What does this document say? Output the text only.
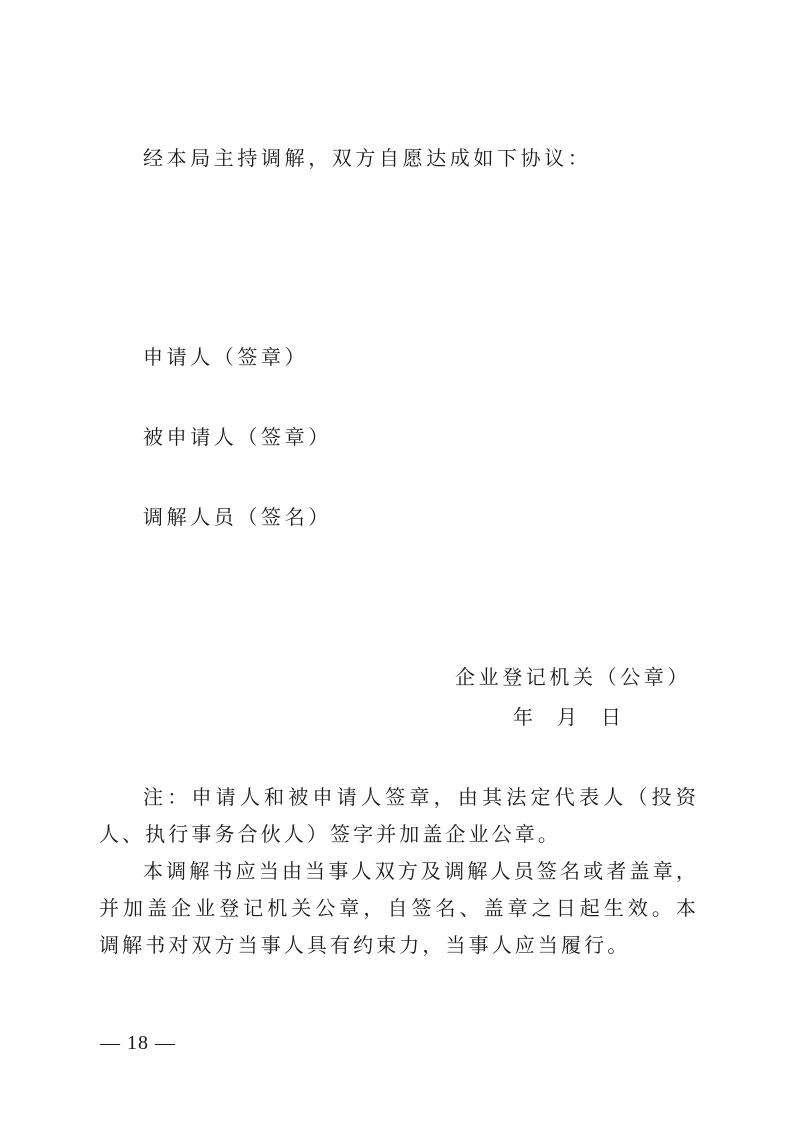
经本局主持调解，双方自愿达成如下协议：
申请人（签章）
被申请人（签章）
调解人员（签名）
企业登记机关（公章）
年 月 日

注：申请人和被申请人签章，由其法定代表人（投资人、执行事务合伙人）签字并加盖企业公章。

本调解书应当由当事人双方及调解人员签名或者盖章，并加盖企业登记机关公章，自签名、盖章之日起生效。本调解书对双方当事人具有约束力，当事人应当履行。

— 18 —
